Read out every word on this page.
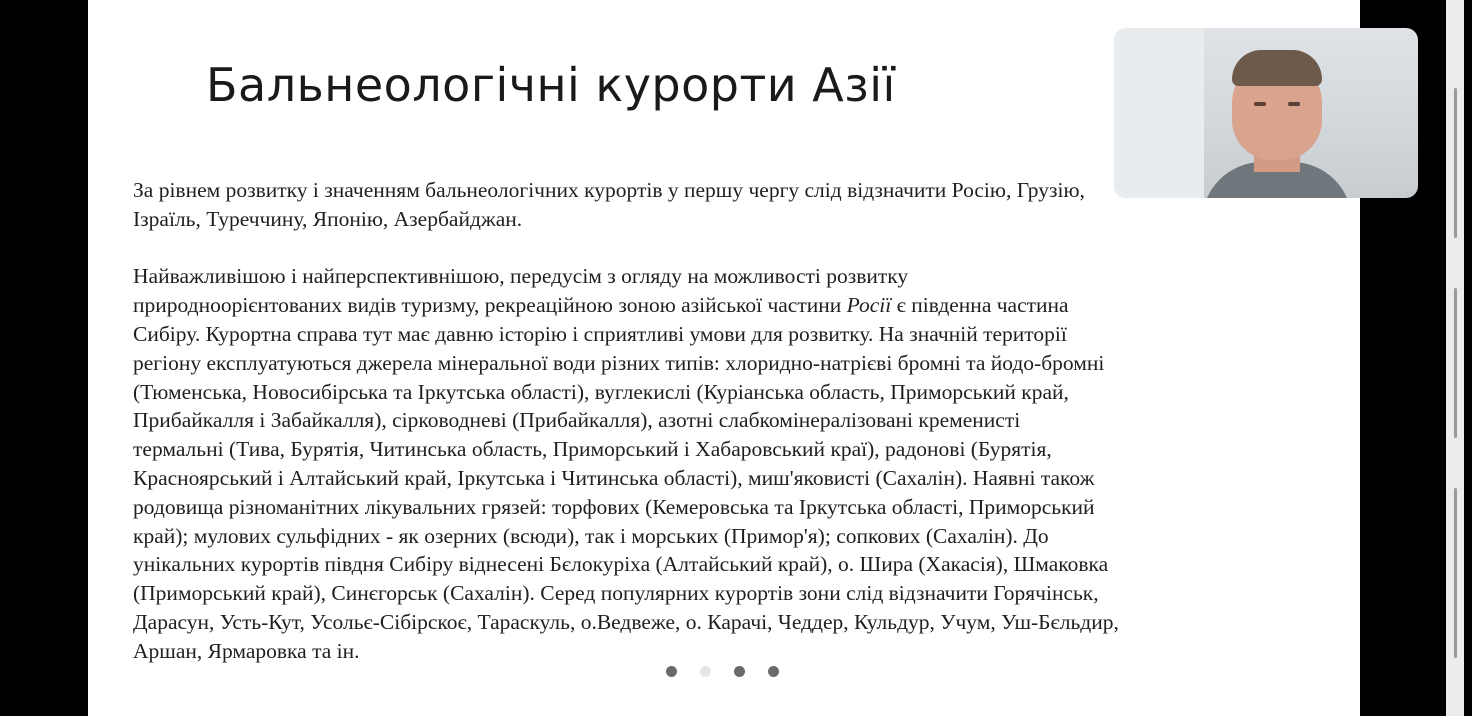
Бальнеологічні курорти Азії

За рівнем розвитку і значенням бальнеологічних курортів у першу чергу слід відзначити Росію, Грузію,
Ізраїль, Туреччину, Японію, Азербайджан.

Найважливішою і найперспективнішою, передусім з огляду на можливості розвитку
природноорієнтованих видів туризму, рекреаційною зоною азійської частини Росії є південна частина
Сибіру. Курортна справа тут має давню історію і сприятливі умови для розвитку. На значній території
регіону експлуатуються джерела мінеральної води різних типів: хлоридно-натрієві бромні та йодо-бромні
(Тюменська, Новосибірська та Іркутська області), вуглекислі (Куріанська область, Приморський край,
Прибайкалля і Забайкалля), сірководневі (Прибайкалля), азотні слабкомінералізовані кременисті
термальні (Тива, Бурятія, Читинська область, Приморський і Хабаровський краї), радонові (Бурятія,
Красноярський і Алтайський край, Іркутська і Читинська області), миш'яковисті (Сахалін). Наявні також
родовища різноманітних лікувальних грязей: торфових (Кемеровська та Іркутська області, Приморський
край); мулових сульфідних - як озерних (всюди), так і морських (Примор'я); сопкових (Сахалін). До
унікальних курортів півдня Сибіру віднесені Бєлокуріха (Алтайський край), о. Шира (Хакасія), Шмаковка
(Приморський край), Синєгорськ (Сахалін). Серед популярних курортів зони слід відзначити Горячінськ,
Дарасун, Усть-Кут, Усольє-Сібірскоє, Тараскуль, о.Ведвеже, о. Карачі, Чеддер, Кульдур, Учум, Уш-Бєльдир,
Аршан, Ярмаровка та ін.
